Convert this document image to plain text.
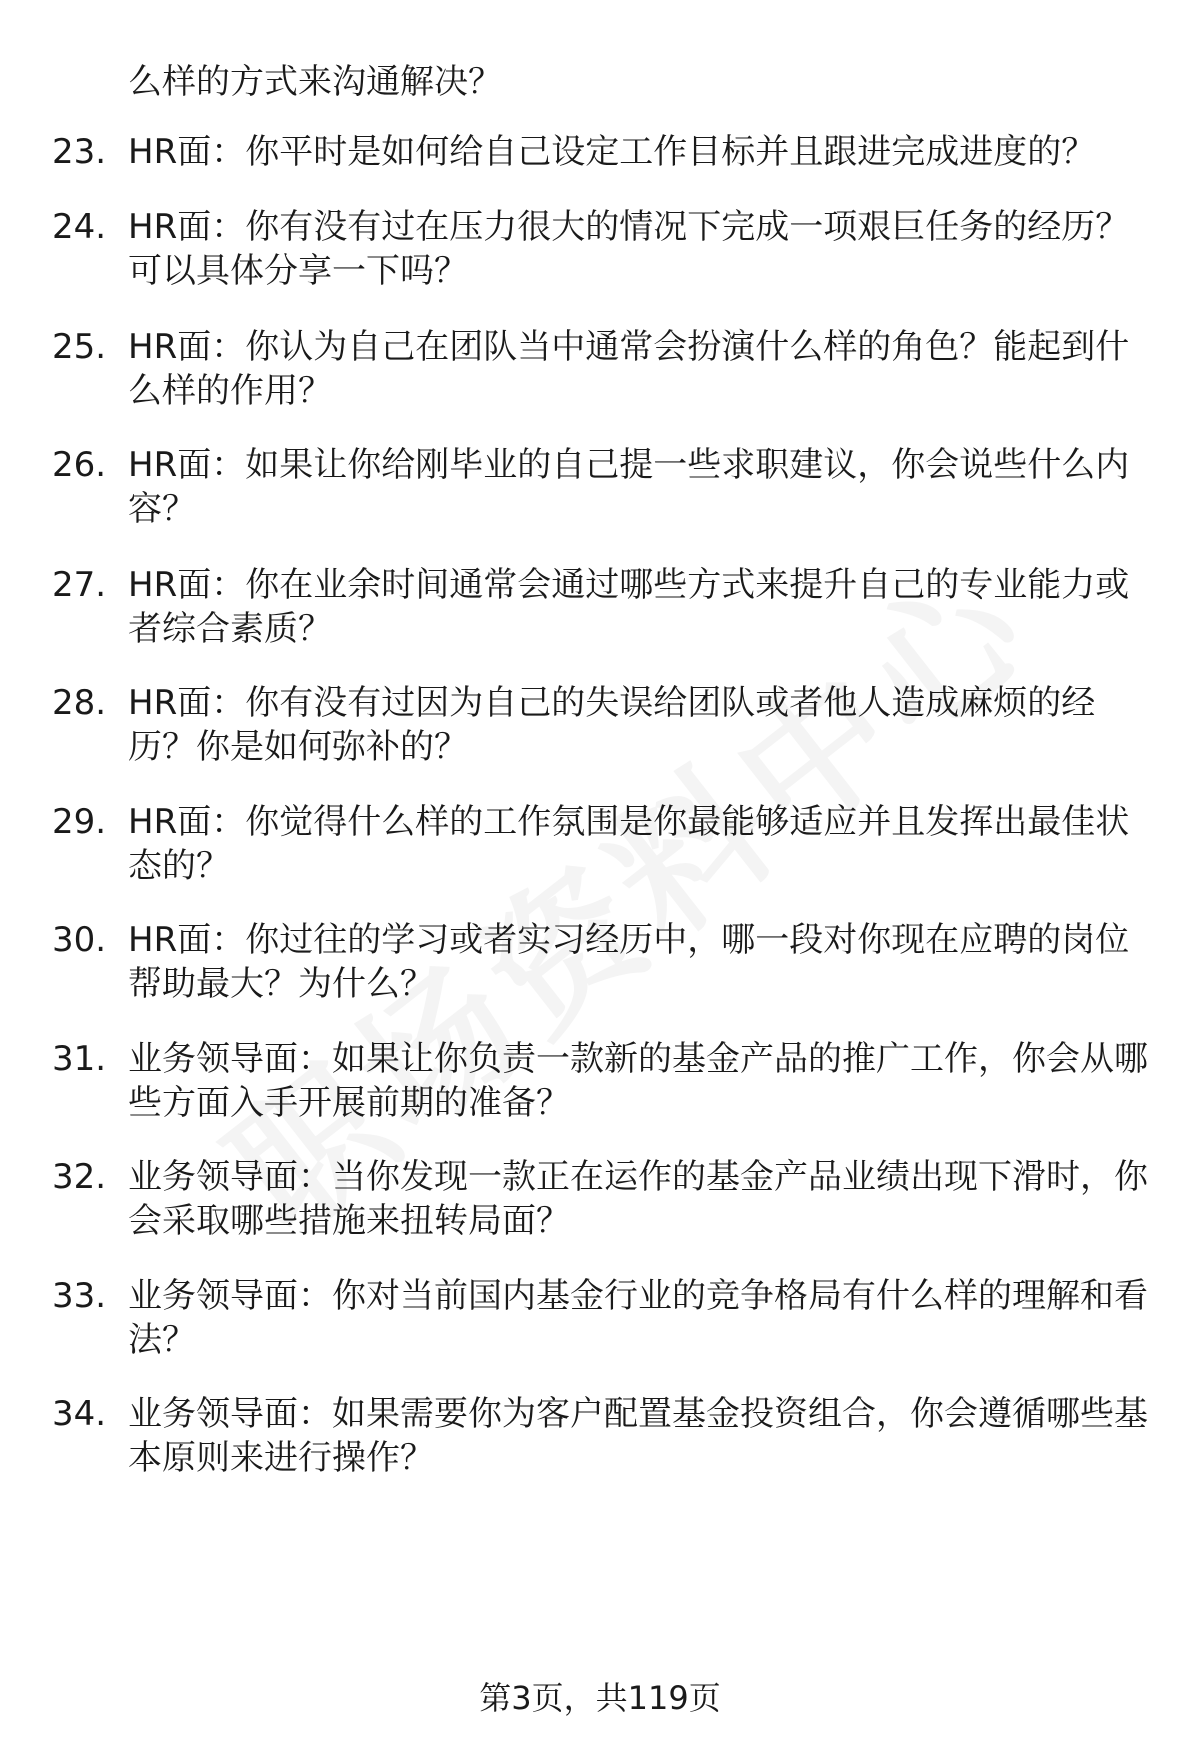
么样的方式来沟通解决？
23. HR面：你平时是如何给自己设定工作目标并且跟进完成进度的？
24. HR面：你有没有过在压力很大的情况下完成一项艰巨任务的经历？可以具体分享一下吗？
25. HR面：你认为自己在团队当中通常会扮演什么样的角色？能起到什么样的作用？
26. HR面：如果让你给刚毕业的自己提一些求职建议，你会说些什么内容？
27. HR面：你在业余时间通常会通过哪些方式来提升自己的专业能力或者综合素质？
28. HR面：你有没有过因为自己的失误给团队或者他人造成麻烦的经历？你是如何弥补的？
29. HR面：你觉得什么样的工作氛围是你最能够适应并且发挥出最佳状态的？
30. HR面：你过往的学习或者实习经历中，哪一段对你现在应聘的岗位帮助最大？为什么？
31. 业务领导面：如果让你负责一款新的基金产品的推广工作，你会从哪些方面入手开展前期的准备？
32. 业务领导面：当你发现一款正在运作的基金产品业绩出现下滑时，你会采取哪些措施来扭转局面？
33. 业务领导面：你对当前国内基金行业的竞争格局有什么样的理解和看法？
34. 业务领导面：如果需要你为客户配置基金投资组合，你会遵循哪些基本原则来进行操作？
第3页，共119页
